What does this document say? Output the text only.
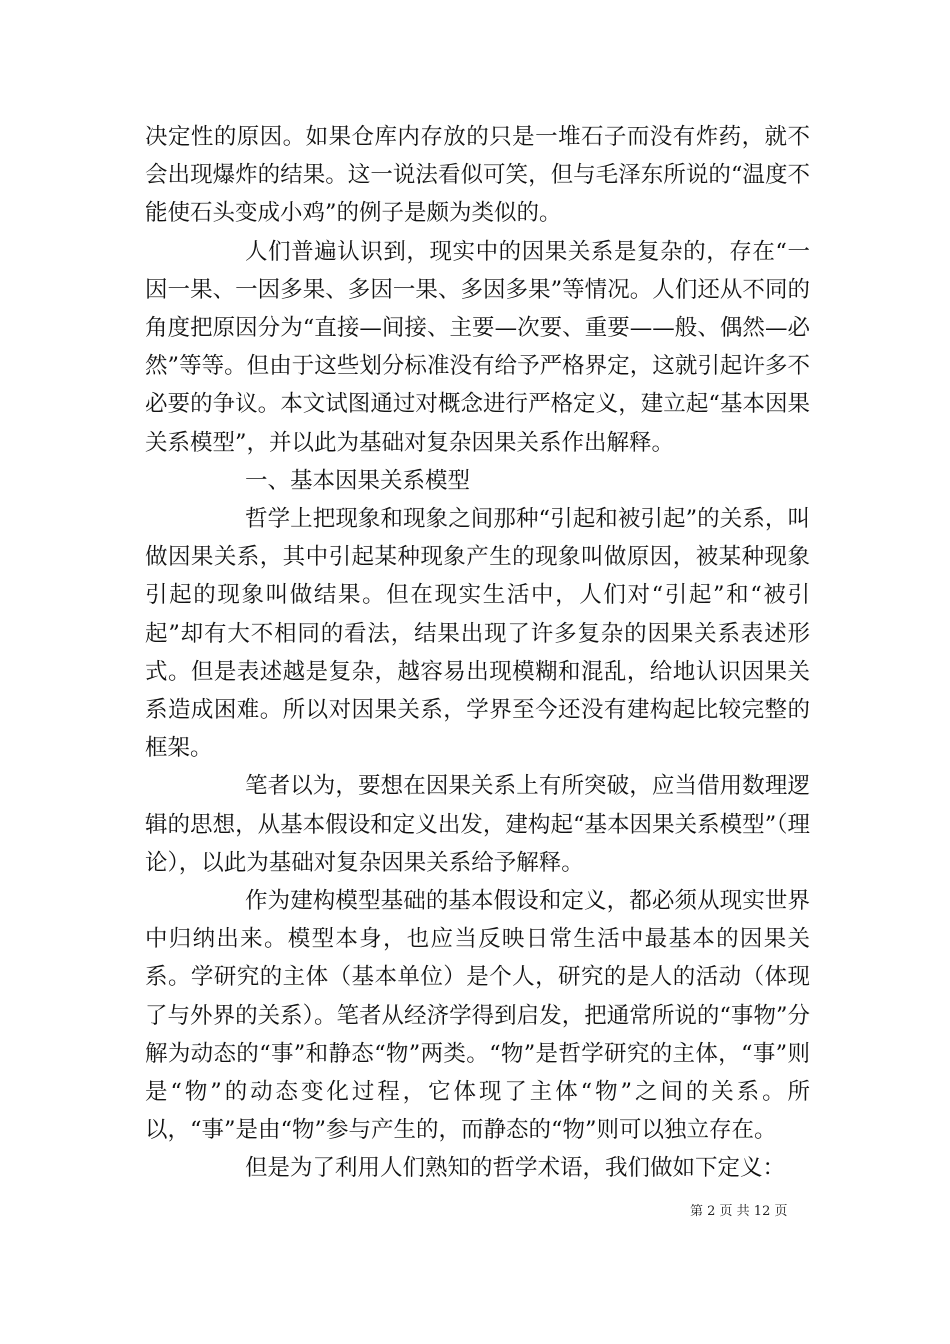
决定性的原因。如果仓库内存放的只是一堆石子而没有炸药，就不会出现爆炸的结果。这一说法看似可笑，但与毛泽东所说的“温度不能使石头变成小鸡”的例子是颇为类似的。

人们普遍认识到，现实中的因果关系是复杂的，存在“一因一果、一因多果、多因一果、多因多果”等情况。人们还从不同的角度把原因分为“直接—间接、主要—次要、重要——般、偶然—必然”等等。但由于这些划分标准没有给予严格界定，这就引起许多不必要的争议。本文试图通过对概念进行严格定义，建立起“基本因果关系模型”，并以此为基础对复杂因果关系作出解释。

一、基本因果关系模型

哲学上把现象和现象之间那种“引起和被引起”的关系，叫做因果关系，其中引起某种现象产生的现象叫做原因，被某种现象引起的现象叫做结果。但在现实生活中，人们对“引起”和“被引起”却有大不相同的看法，结果出现了许多复杂的因果关系表述形式。但是表述越是复杂，越容易出现模糊和混乱，给地认识因果关系造成困难。所以对因果关系，学界至今还没有建构起比较完整的框架。

笔者以为，要想在因果关系上有所突破，应当借用数理逻辑的思想，从基本假设和定义出发，建构起“基本因果关系模型”（理论），以此为基础对复杂因果关系给予解释。

作为建构模型基础的基本假设和定义，都必须从现实世界中归纳出来。模型本身，也应当反映日常生活中最基本的因果关系。学研究的主体（基本单位）是个人，研究的是人的活动（体现了与外界的关系）。笔者从经济学得到启发，把通常所说的“事物”分解为动态的“事”和静态“物”两类。“物”是哲学研究的主体，“事”则是“物”的动态变化过程，它体现了主体“物”之间的关系。所以，“事”是由“物”参与产生的，而静态的“物”则可以独立存在。

但是为了利用人们熟知的哲学术语，我们做如下定义：

第 2 页 共 12 页
